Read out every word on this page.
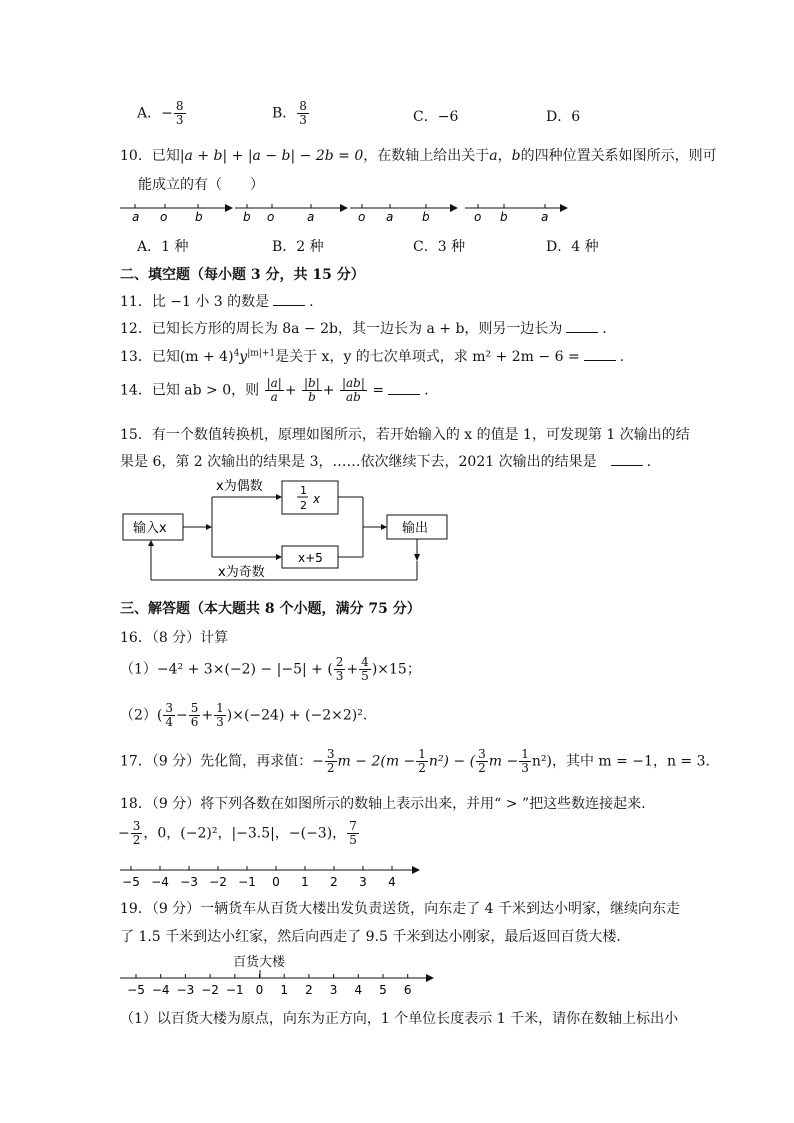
A．− $\frac{8}{3}$	B． $\frac{8}{3}$	C．−6	D．6
10．已知|a + b| + |a − b| − 2b = 0，在数轴上给出关于a，b的四种位置关系如图所示，则可
能成立的有（　　）
a o b	b o	a	o a b	o b	a
A．1 种	B．2 种	C．3 种	D．4 种
二、填空题（每小题 3 分，共 15 分）
11．比 −1 小 3 的数是	.
12．已知长方形的周长为 8a − 2b，其一边长为 a + b，则另一边长为	.
13．已知$(m + 4)^4y^{|m|+1}$是关于 x，y 的七次单项式，求 m² + 2m − 6 =	.
14．已知 ab > 0，则 $\frac{|a|}{a} + \frac{|b|}{b} + \frac{|ab|}{ab}$ =	.
15．有一个数值转换机，原理如图所示，若开始输入的 x 的值是 1，可发现第 1 次输出的结
果是 6，第 2 次输出的结果是 3，……依次继续下去，2021 次输出的结果是	.
输入x
x为偶数	1
2 x
x+5
输出
x为奇数
三、解答题（本大题共 8 个小题，满分 75 分）
16．（8 分）计算
（1）−4² + 3×(−2) − |−5| + ( $\frac{2}{3} + \frac{4}{5} )\times 15$；
$(2)( \frac{3}{4} - \frac{5}{6} + \frac{1}{3} )\times(-24) + (-2\times 2)^2$．
17．（9 分）先化简，再求值：− $\frac{3}{2}$ $m - 2(m - \frac{1}{2} n^2)$ − ( $\frac{3}{2}$ $m - \frac{1}{3} n^2$)，其中 m = −1，n = 3．
18．（9 分）将下列各数在如图所示的数轴上表示出来，并用“ > ”把这些数连接起来.
− $\frac{3}{2}$ ，0，(−2)²，|−3.5|，−(−3)， $\frac{7}{5}$
−5 −4 −3 −2 −1 0 1 2 3 4
19．（9 分）一辆货车从百货大楼出发负责送货，向东走了 4 千米到达小明家，继续向东走
了 1.5 千米到达小红家，然后向西走了 9.5 千米到达小刚家，最后返回百货大楼．
百货大楼
−5 −4 −3 −2 −1 0 1 2 3 4 5 6
（1）以百货大楼为原点，向东为正方向，1 个单位长度表示 1 千米，请你在数轴上标出小
